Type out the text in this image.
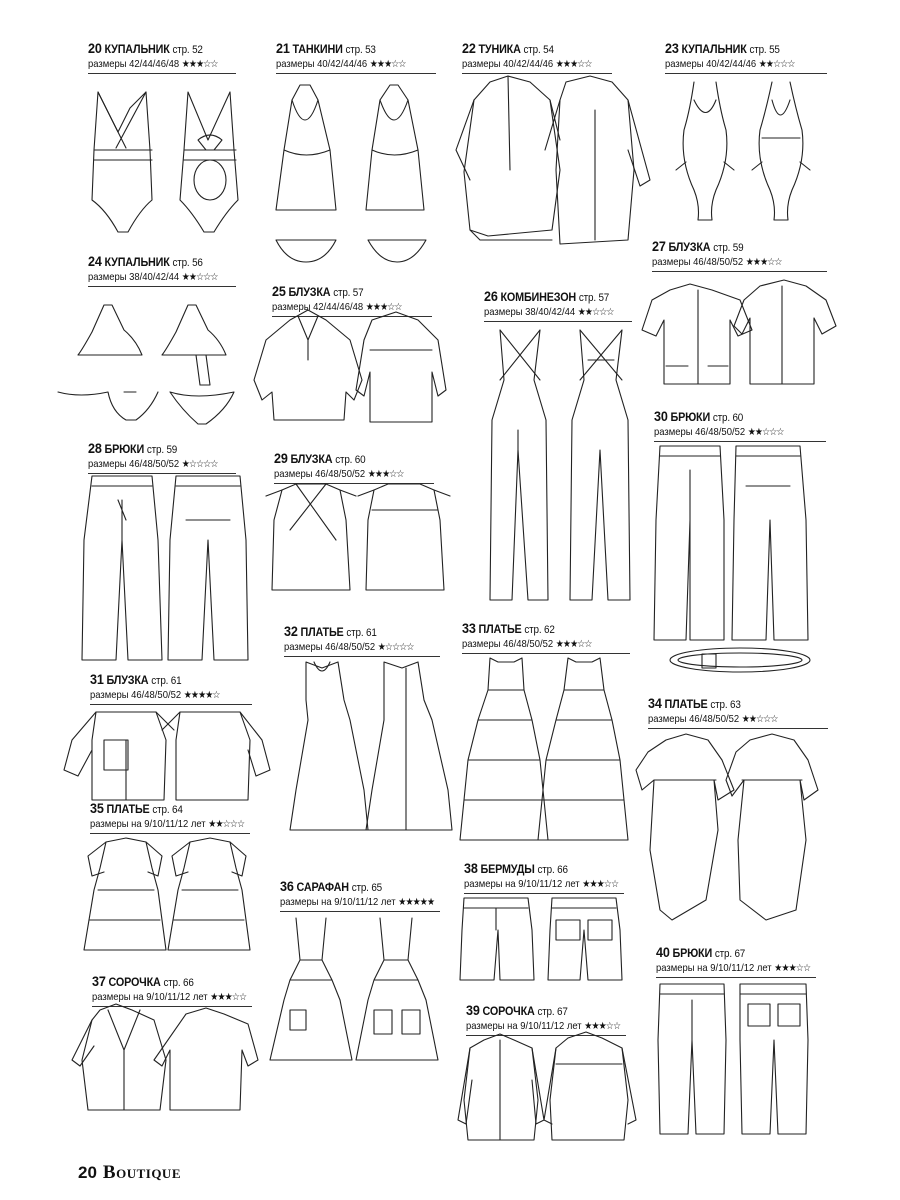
20 КУПАЛЬНИК стр. 52
размеры 42/44/46/48 ★★★☆☆
21 ТАНКИНИ стр. 53
размеры 40/42/44/46 ★★★☆☆
22 ТУНИКА стр. 54
размеры 40/42/44/46 ★★★☆☆
23 КУПАЛЬНИК стр. 55
размеры 40/42/44/46 ★★☆☆☆
24 КУПАЛЬНИК стр. 56
размеры 38/40/42/44 ★★☆☆☆
25 БЛУЗКА стр. 57
размеры 42/44/46/48 ★★★☆☆
26 КОМБИНЕЗОН стр. 57
размеры 38/40/42/44 ★★☆☆☆
27 БЛУЗКА стр. 59
размеры 46/48/50/52 ★★★☆☆
28 БРЮКИ стр. 59
размеры 46/48/50/52 ★☆☆☆☆	29 БЛУЗКА стр. 60
размеры 46/48/50/52 ★★★☆☆
30 БРЮКИ стр. 60
размеры 46/48/50/52 ★★☆☆☆
31 БЛУЗКА стр. 61
размеры 46/48/50/52 ★★★★☆
32 ПЛАТЬЕ стр. 61
размеры 46/48/50/52 ★☆☆☆☆
33 ПЛАТЬЕ стр. 62
размеры 46/48/50/52 ★★★☆☆
34 ПЛАТЬЕ стр. 63
размеры 46/48/50/52 ★★☆☆☆
35 ПЛАТЬЕ стр. 64
размеры на 9/10/11/12 лет ★★☆☆☆
36 САРАФАН стр. 65
размеры на 9/10/11/12 лет ★★★★★
37 СОРОЧКА стр. 66
размеры на 9/10/11/12 лет ★★★☆☆
38 БЕРМУДЫ стр. 66
размеры на 9/10/11/12 лет ★★★☆☆
39 СОРОЧКА стр. 67
размеры на 9/10/11/12 лет ★★★☆☆
40 БРЮКИ стр. 67
размеры на 9/10/11/12 лет ★★★☆☆
20 Boutique
